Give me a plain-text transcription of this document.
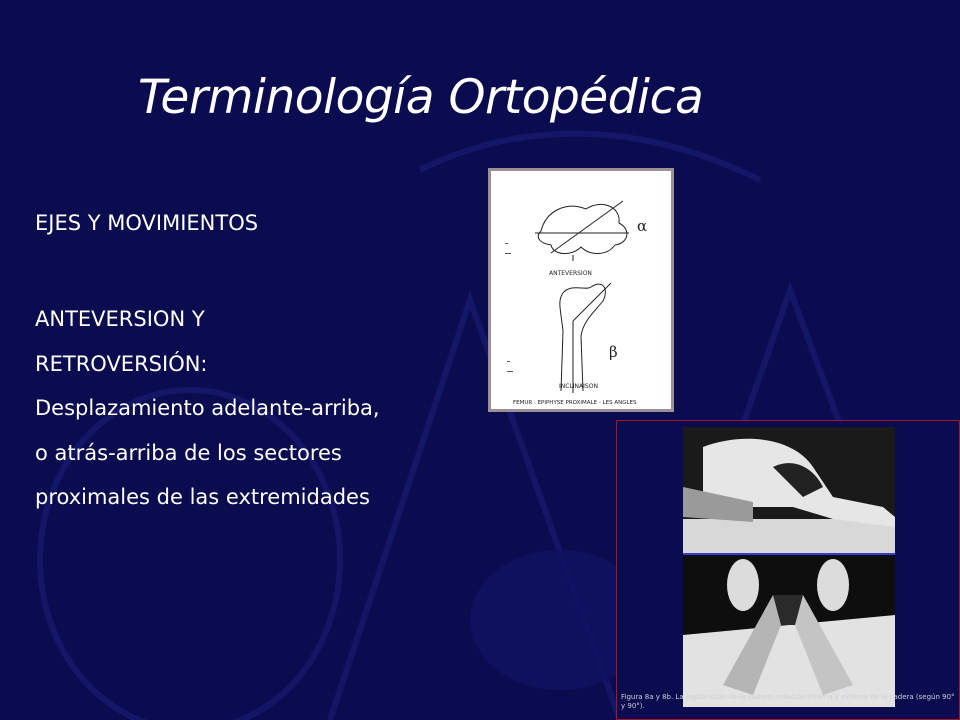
Terminología Ortopédica
EJES Y MOVIMIENTOS
ANTEVERSION Y
RETROVERSIÓN:
Desplazamiento adelante-arriba,
o atrás-arriba de los sectores
proximales de las extremidades
α
β
ANTEVERSION
INCLINAISON
FEMUR : EPIPHYSE PROXIMALE - LES ANGLES
Figura 8a y 8b. La exploración de la cadera: rotación interna y externa de la cadera (según 90° y 90°).
